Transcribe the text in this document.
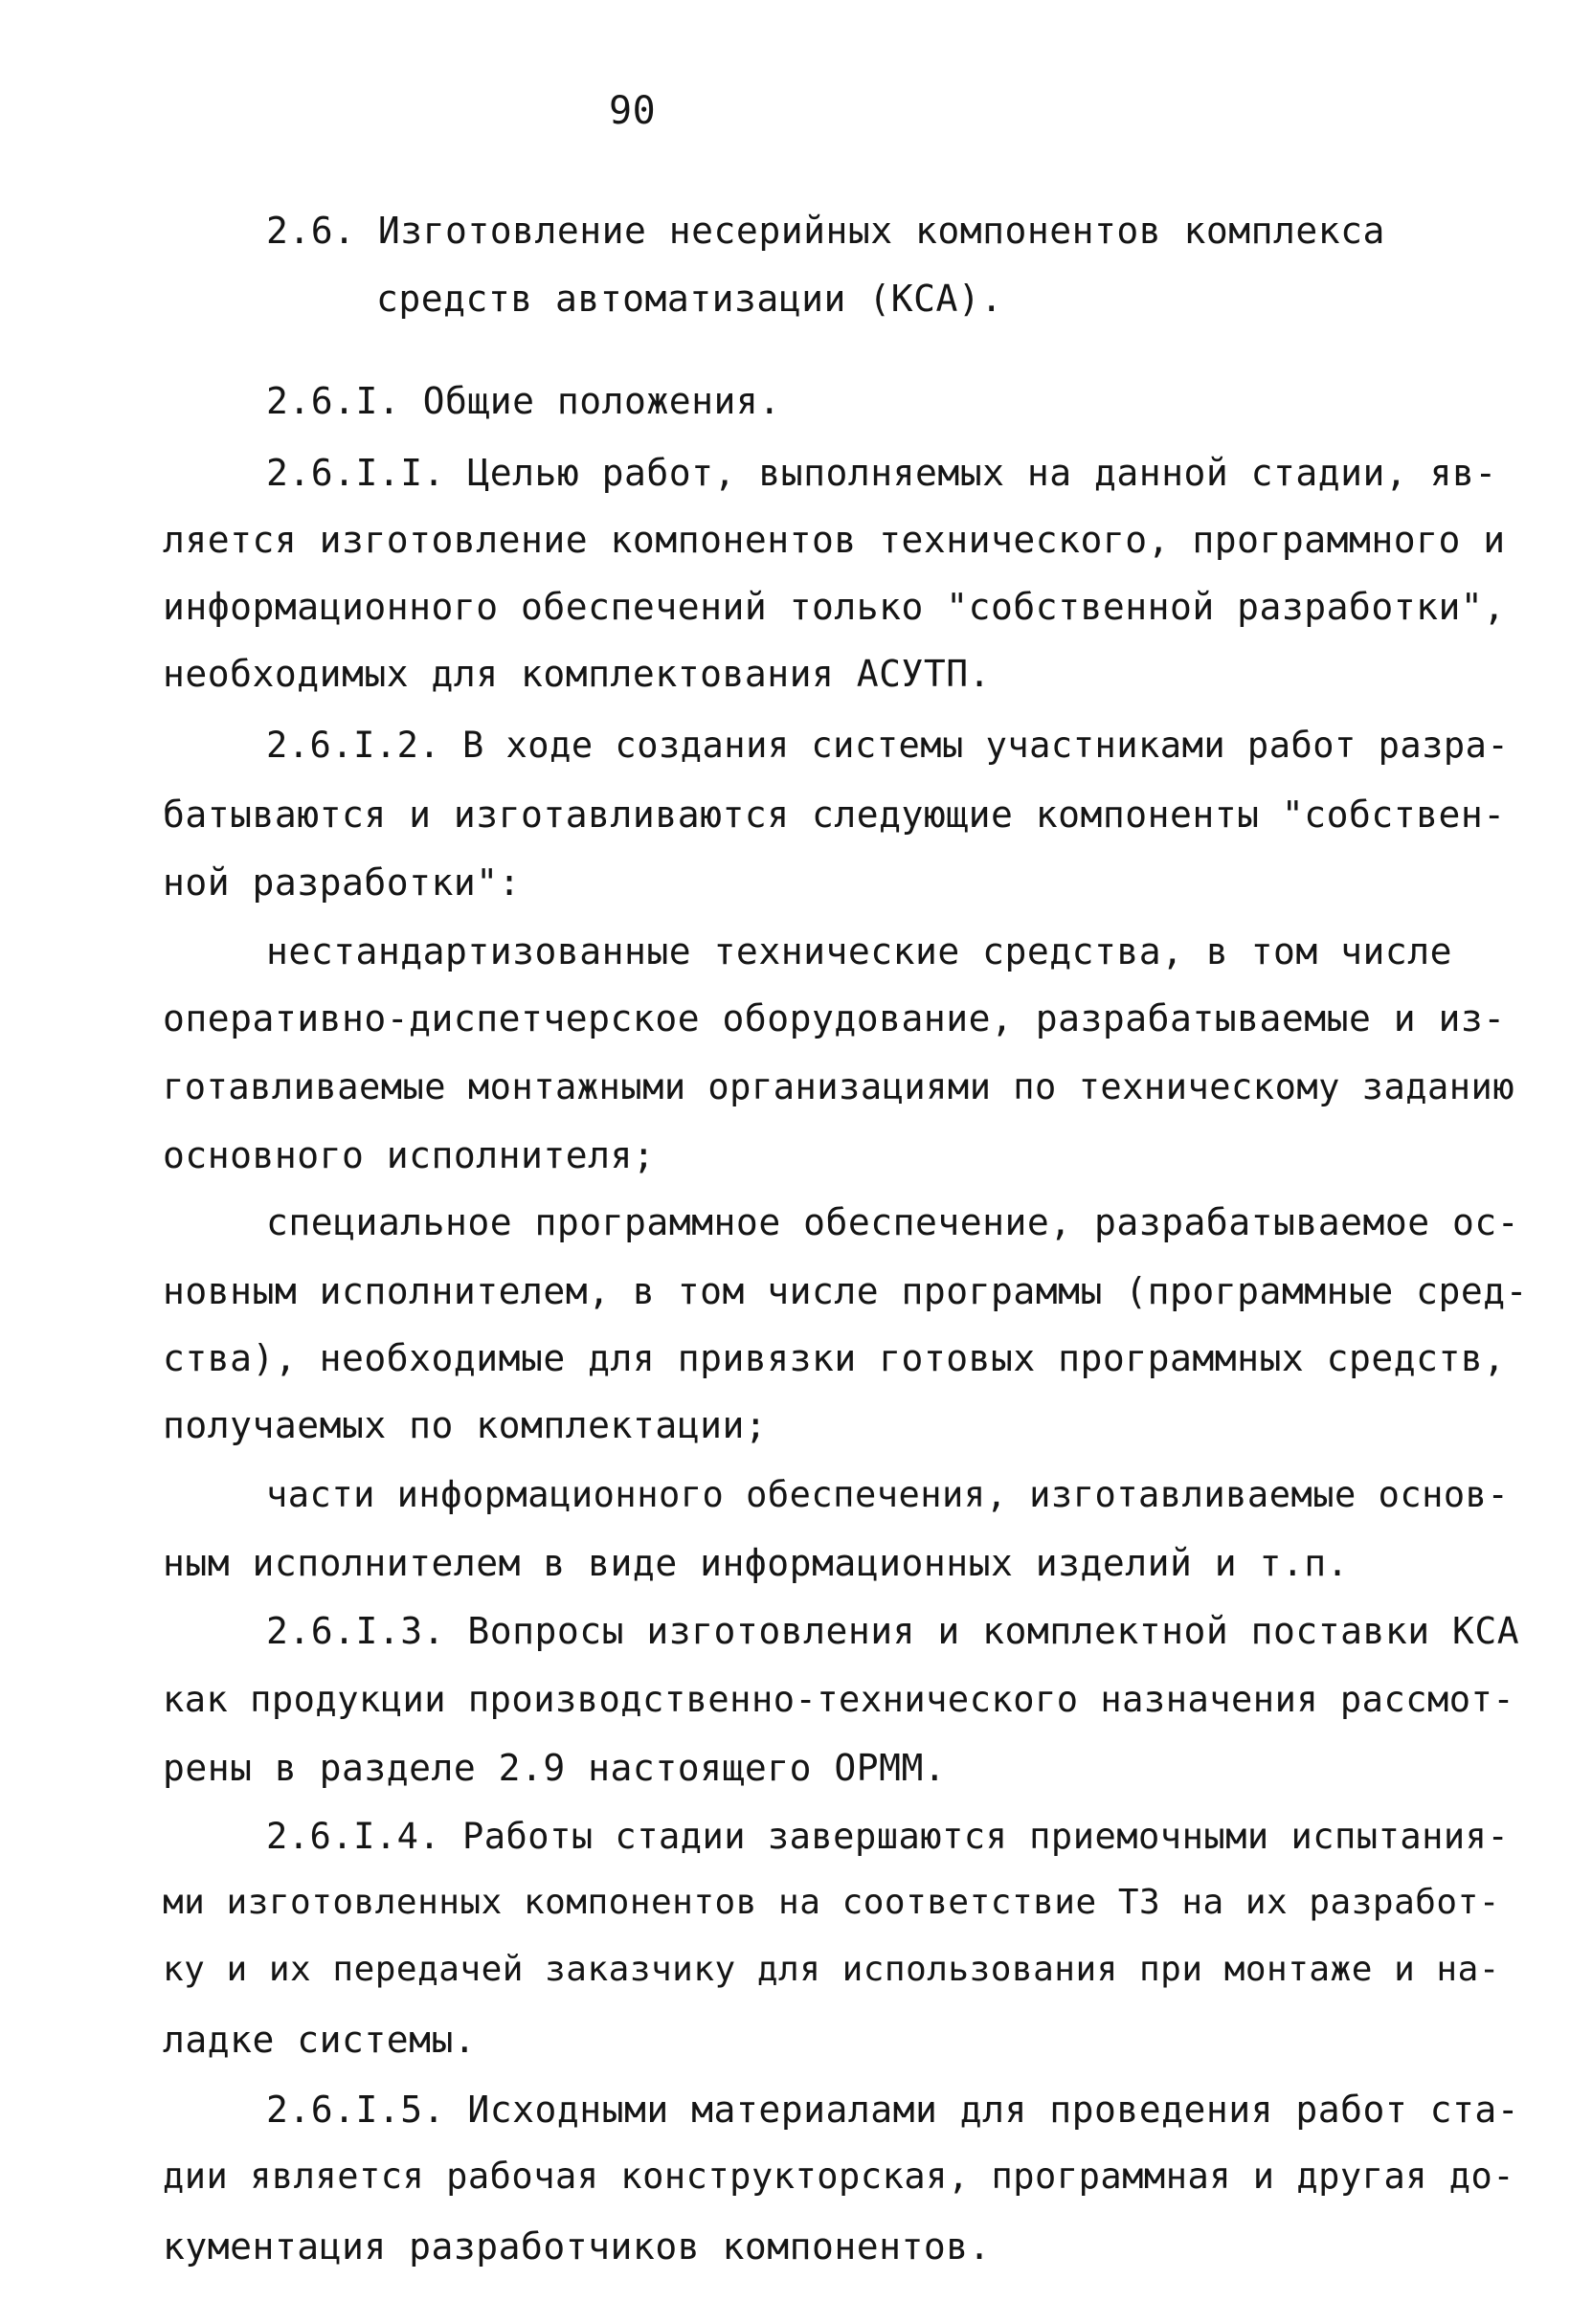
90
2.6. Изготовление несерийных компонентов комплекса
средств автоматизации (КСА).
2.6.I. Общие положения.
2.6.I.I. Целью работ, выполняемых на данной стадии, яв-
ляется изготовление компонентов технического, программного и
информационного обеспечений только "собственной разработки",
необходимых для комплектования АСУТП.
2.6.I.2. В ходе создания системы участниками работ разра-
батываются и изготавливаются следующие компоненты "собствен-
ной разработки":
нестандартизованные технические средства, в том числе
оперативно-диспетчерское оборудование, разрабатываемые и из-
готавливаемые монтажными организациями по техническому заданию
основного исполнителя;
специальное программное обеспечение, разрабатываемое ос-
новным исполнителем, в том числе программы (программные сред-
ства), необходимые для привязки готовых программных средств,
получаемых по комплектации;
части информационного обеспечения, изготавливаемые основ-
ным исполнителем в виде информационных изделий и т.п.
2.6.I.3. Вопросы изготовления и комплектной поставки КСА
как продукции производственно-технического назначения рассмот-
рены в разделе 2.9 настоящего ОРММ.
2.6.I.4. Работы стадии завершаются приемочными испытания-
ми изготовленных компонентов на соответствие ТЗ на их разработ-
ку и их передачей заказчику для использования при монтаже и на-
ладке системы.
2.6.I.5. Исходными материалами для проведения работ ста-
дии является рабочая конструкторская, программная и другая до-
кументация разработчиков компонентов.
